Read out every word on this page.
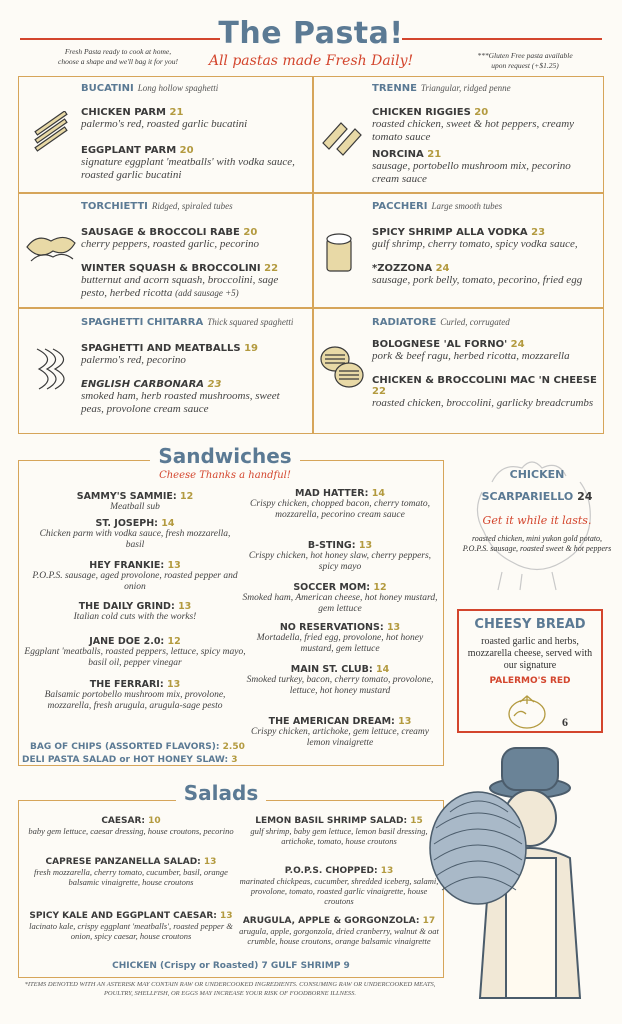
The Pasta!
All pastas made Fresh Daily!
Fresh Pasta ready to cook at home,
choose a shape and we'll bag it for you!
***Gluten Free pasta available
upon request (+$1.25)
BUCATINI Long hollow spaghetti
CHICKEN PARM 21
palermo's red, roasted garlic bucatini
EGGPLANT PARM 20
signature eggplant 'meatballs' with vodka sauce, roasted garlic bucatini
TRENNE Triangular, ridged penne
CHICKEN RIGGIES 20
roasted chicken, sweet & hot peppers, creamy tomato sauce
NORCINA 21
sausage, portobello mushroom mix, pecorino cream sauce
TORCHIETTI Ridged, spiraled tubes
SAUSAGE & BROCCOLI RABE 20
cherry peppers, roasted garlic, pecorino
WINTER SQUASH & BROCCOLINI 22
butternut and acorn squash, broccolini, sage pesto, herbed ricotta (add sausage +5)
PACCHERI Large smooth tubes
SPICY SHRIMP ALLA VODKA 23
gulf shrimp, cherry tomato, spicy vodka sauce,
*ZOZZONA 24
sausage, pork belly, tomato, pecorino, fried egg
SPAGHETTI CHITARRA Thick squared spaghetti
SPAGHETTI AND MEATBALLS 19
palermo's red, pecorino
ENGLISH CARBONARA 23
smoked ham, herb roasted mushrooms, sweet peas, provolone cream sauce
RADIATORE Curled, corrugated
BOLOGNESE 'AL FORNO' 24
pork & beef ragu, herbed ricotta, mozzarella
CHICKEN & BROCCOLINI MAC 'N CHEESE 22
roasted chicken, broccolini, garlicky breadcrumbs
Sandwiches
Cheese Thanks a handful!
SAMMY'S SAMMIE: 12
Meatball sub
ST. JOSEPH: 14
Chicken parm with vodka sauce, fresh mozzarella, basil
HEY FRANKIE: 13
P.O.P.S. sausage, aged provolone, roasted pepper and onion
THE DAILY GRIND: 13
Italian cold cuts with the works!
JANE DOE 2.0: 12
Eggplant 'meatballs, roasted peppers, lettuce, spicy mayo, basil oil, pepper vinegar
THE FERRARI: 13
Balsamic portobello mushroom mix, provolone, mozzarella, fresh arugula, arugula-sage pesto
MAD HATTER: 14
Crispy chicken, chopped bacon, cherry tomato, mozzarella, pecorino cream sauce
B-STING: 13
Crispy chicken, hot honey slaw, cherry peppers, spicy mayo
SOCCER MOM: 12
Smoked ham, American cheese, hot honey mustard, gem lettuce
NO RESERVATIONS: 13
Mortadella, fried egg, provolone, hot honey mustard, gem lettuce
MAIN ST. CLUB: 14
Smoked turkey, bacon, cherry tomato, provolone, lettuce, hot honey mustard
THE AMERICAN DREAM: 13
Crispy chicken, artichoke, gem lettuce, creamy lemon vinaigrette
BAG OF CHIPS (ASSORTED FLAVORS): 2.50
DELI PASTA SALAD or HOT HONEY SLAW: 3
CHICKEN
SCARPARIELLO 24
Get it while it lasts.
roasted chicken, mini yukon gold potato, P.O.P.S. sausage, roasted sweet & hot peppers
CHEESY BREAD
roasted garlic and herbs, mozzarella cheese, served with our signature
PALERMO'S RED
6
Salads
CAESAR: 10
baby gem lettuce, caesar dressing, house croutons, pecorino
CAPRESE PANZANELLA SALAD: 13
fresh mozzarella, cherry tomato, cucumber, basil, orange balsamic vinaigrette, house croutons
SPICY KALE AND EGGPLANT CAESAR: 13
lacinato kale, crispy eggplant 'meatballs', roasted pepper & onion, spicy caesar, house croutons
LEMON BASIL SHRIMP SALAD: 15
gulf shrimp, baby gem lettuce, lemon basil dressing, artichoke, tomato, house croutons
P.O.P.S. CHOPPED: 13
marinated chickpeas, cucumber, shredded iceberg, salami, provolone, tomato, roasted garlic vinaigrette, house croutons
ARUGULA, APPLE & GORGONZOLA: 17
arugula, apple, gorgonzola, dried cranberry, walnut & oat crumble, house croutons, orange balsamic vinaigrette
CHICKEN (Crispy or Roasted) 7 GULF SHRIMP 9
*ITEMS DENOTED WITH AN ASTERISK MAY CONTAIN RAW OR UNDERCOOKED INGREDIENTS. CONSUMING RAW OR UNDERCOOKED MEATS, POULTRY, SHELLFISH, OR EGGS MAY INCREASE YOUR RISK OF FOODBORNE ILLNESS.
